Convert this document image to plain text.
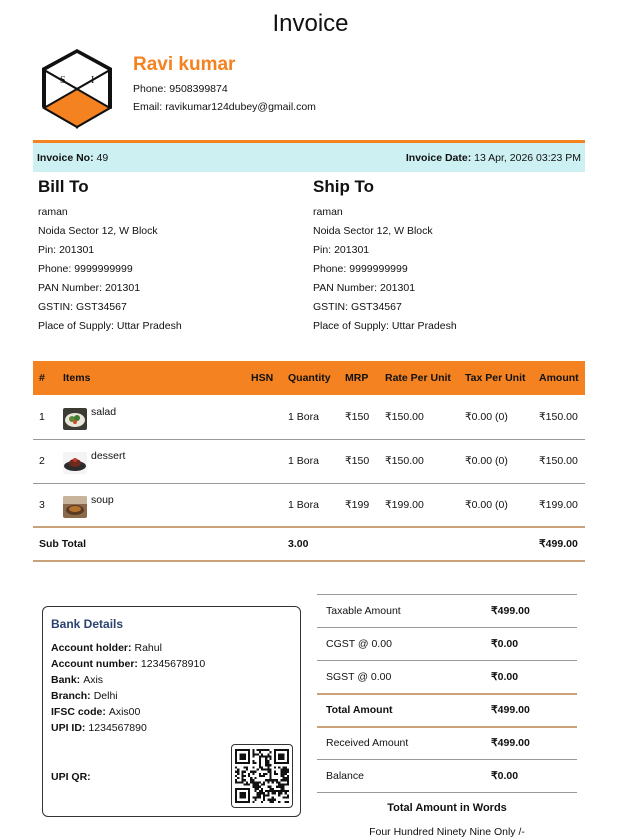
Invoice
S	I
Ravi kumar
Phone: 9508399874
Email: ravikumar124dubey@gmail.com
Invoice No: 49	Invoice Date: 13 Apr, 2026 03:23 PM
Bill To
raman
Noida Sector 12, W Block
Pin: 201301
Phone: 9999999999
PAN Number: 201301
GSTIN: GST34567
Place of Supply: Uttar Pradesh
Ship To
raman
Noida Sector 12, W Block
Pin: 201301
Phone: 9999999999
PAN Number: 201301
GSTIN: GST34567
Place of Supply: Uttar Pradesh
#	Items	HSN	Quantity	MRP	Rate Per Unit	Tax Per Unit	Amount
1	salad		1 Bora	₹150	₹150.00	₹0.00 (0)	₹150.00
2	dessert		1 Bora	₹150	₹150.00	₹0.00 (0)	₹150.00
3	soup		1 Bora	₹199	₹199.00	₹0.00 (0)	₹199.00
Sub Total			3.00				₹499.00
Bank Details
Account holder: Rahul
Account number: 12345678910
Bank: Axis
Branch: Delhi
IFSC code: Axis00
UPI ID: 1234567890
UPI QR:
Taxable Amount	₹499.00
CGST @ 0.00	₹0.00
SGST @ 0.00	₹0.00
Total Amount	₹499.00
Received Amount	₹499.00
Balance	₹0.00
Total Amount in Words
Four Hundred Ninety Nine Only /-
